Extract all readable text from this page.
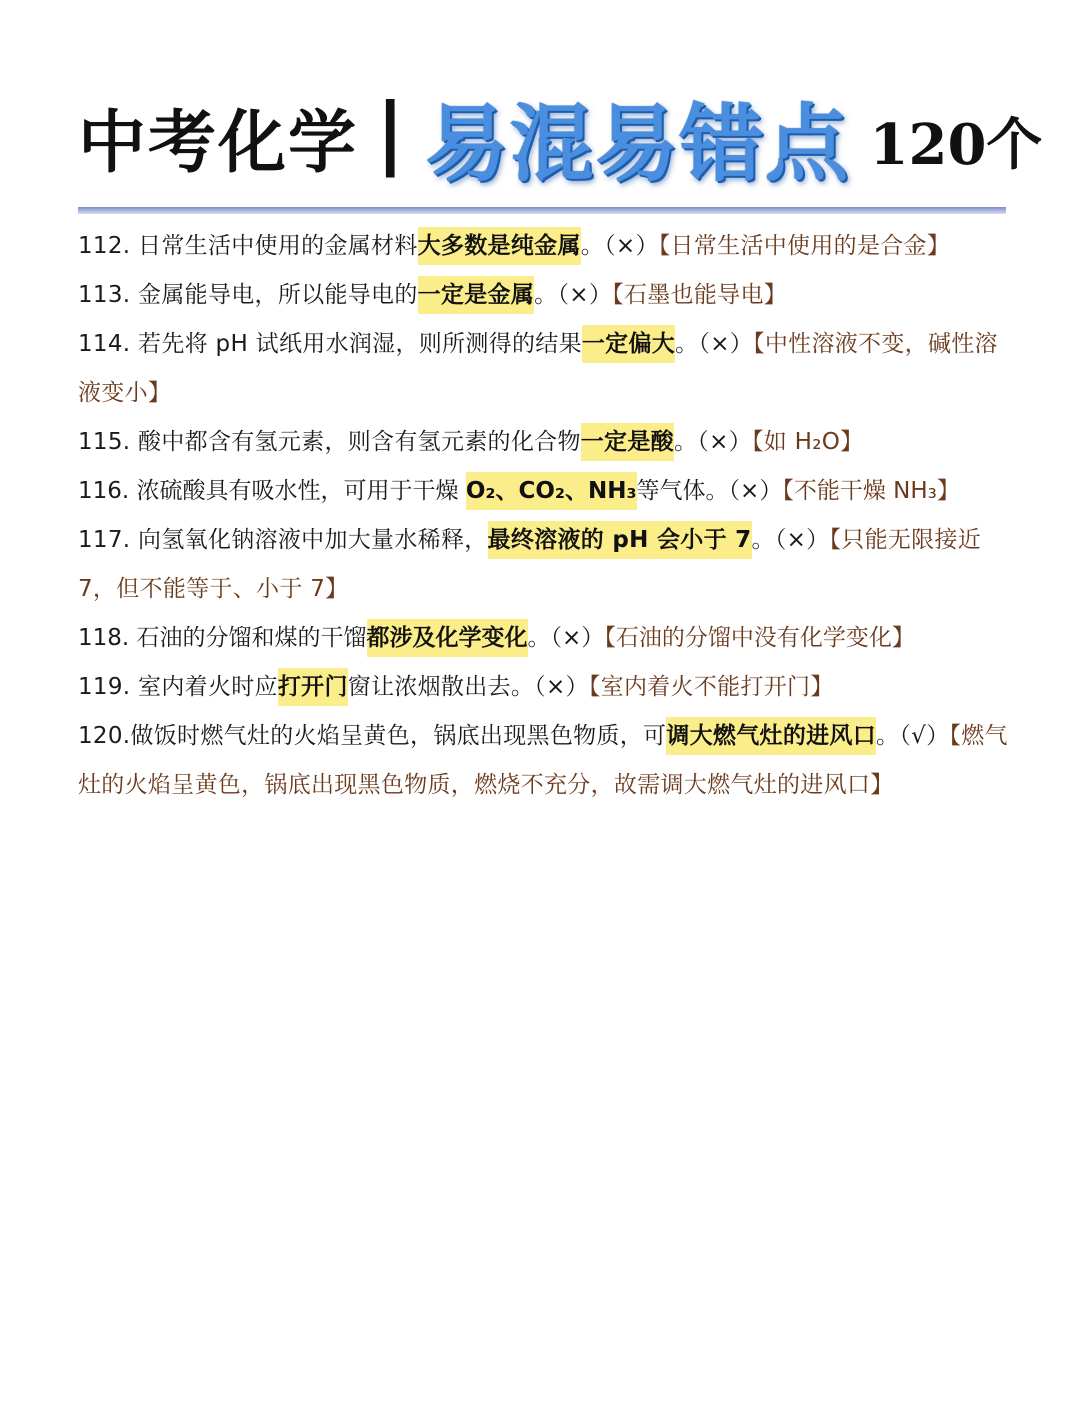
中考化学 | 易混易错点 120个

112. 日常生活中使用的金属材料大多数是纯金属。（×）【日常生活中使用的是合金】

113. 金属能导电，所以能导电的一定是金属。（×）【石墨也能导电】

114. 若先将 pH 试纸用水润湿，则所测得的结果一定偏大。（×）【中性溶液不变，碱性溶液变小】

115. 酸中都含有氢元素，则含有氢元素的化合物一定是酸。（×）【如 H₂O】

116. 浓硫酸具有吸水性，可用于干燥 O₂、CO₂、NH₃等气体。（×）【不能干燥 NH₃】

117. 向氢氧化钠溶液中加大量水稀释，最终溶液的 pH 会小于 7。（×）【只能无限接近 7，但不能等于、小于 7】

118. 石油的分馏和煤的干馏都涉及化学变化。（×）【石油的分馏中没有化学变化】

119. 室内着火时应打开门窗让浓烟散出去。（×）【室内着火不能打开门】

120.做饭时燃气灶的火焰呈黄色，锅底出现黑色物质，可调大燃气灶的进风口。（√）【燃气灶的火焰呈黄色，锅底出现黑色物质，燃烧不充分，故需调大燃气灶的进风口】
